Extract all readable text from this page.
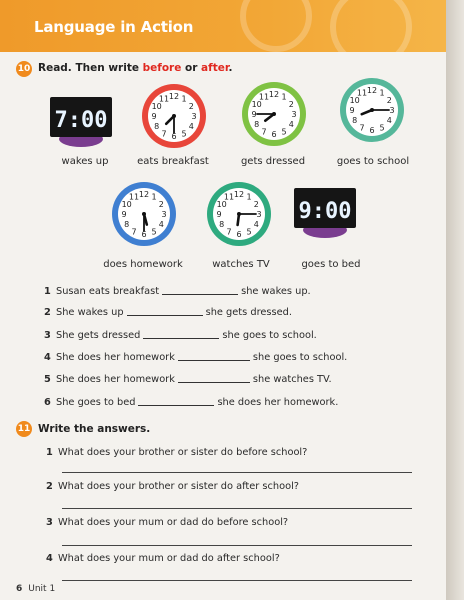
Language in Action
10 Read. Then write before or after.
7:00
1
2
3
4
5
6
7
8
9
10
11 12	1
2
3
4
5
6
7
8
9
10
11 12	1
2
3
4
5
6
7
8
9
10
11 12
wakes up	eats breakfast	gets dressed	goes to school
1
2
3
4
5
6
7
8
9
10
11 12	1
2
3
4
5
6
7
8
9
10
11 12
9:00
does homework	watches TV	goes to bed
1 Susan eats breakfast	she wakes up.
2 She wakes up	she gets dressed.
3 She gets dressed	she goes to school.
4 She does her homework	she goes to school.
5 She does her homework	she watches TV.
6 She goes to bed	she does her homework.
11 Write the answers.
1 What does your brother or sister do before school?
2 What does your brother or sister do after school?
3 What does your mum or dad do before school?
4 What does your mum or dad do after school?
6 Unit 1
